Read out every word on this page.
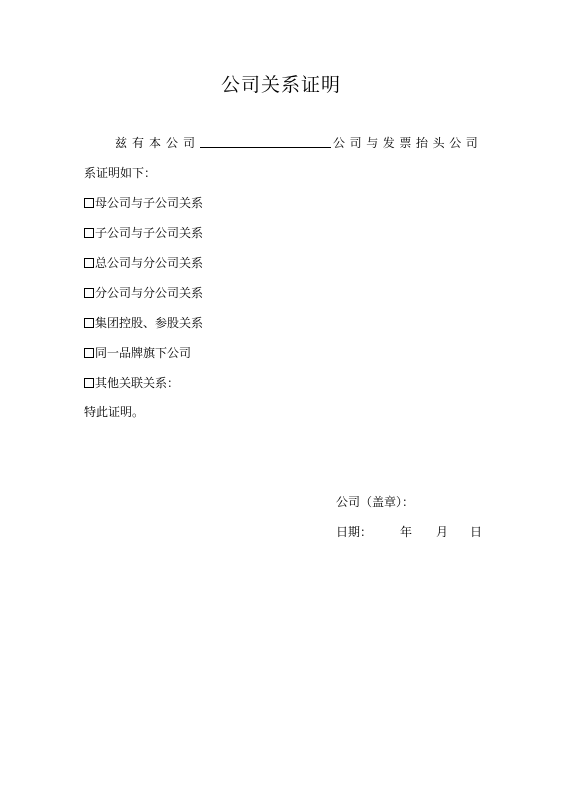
公司关系证明
兹有本公司	公司与发票抬头公司
系证明如下：
母公司与子公司关系
子公司与子公司关系
总公司与分公司关系
分公司与分公司关系
集团控股、参股关系
同一品牌旗下公司
其他关联关系：
特此证明。
公司（盖章）：
日期： 年 月 日
